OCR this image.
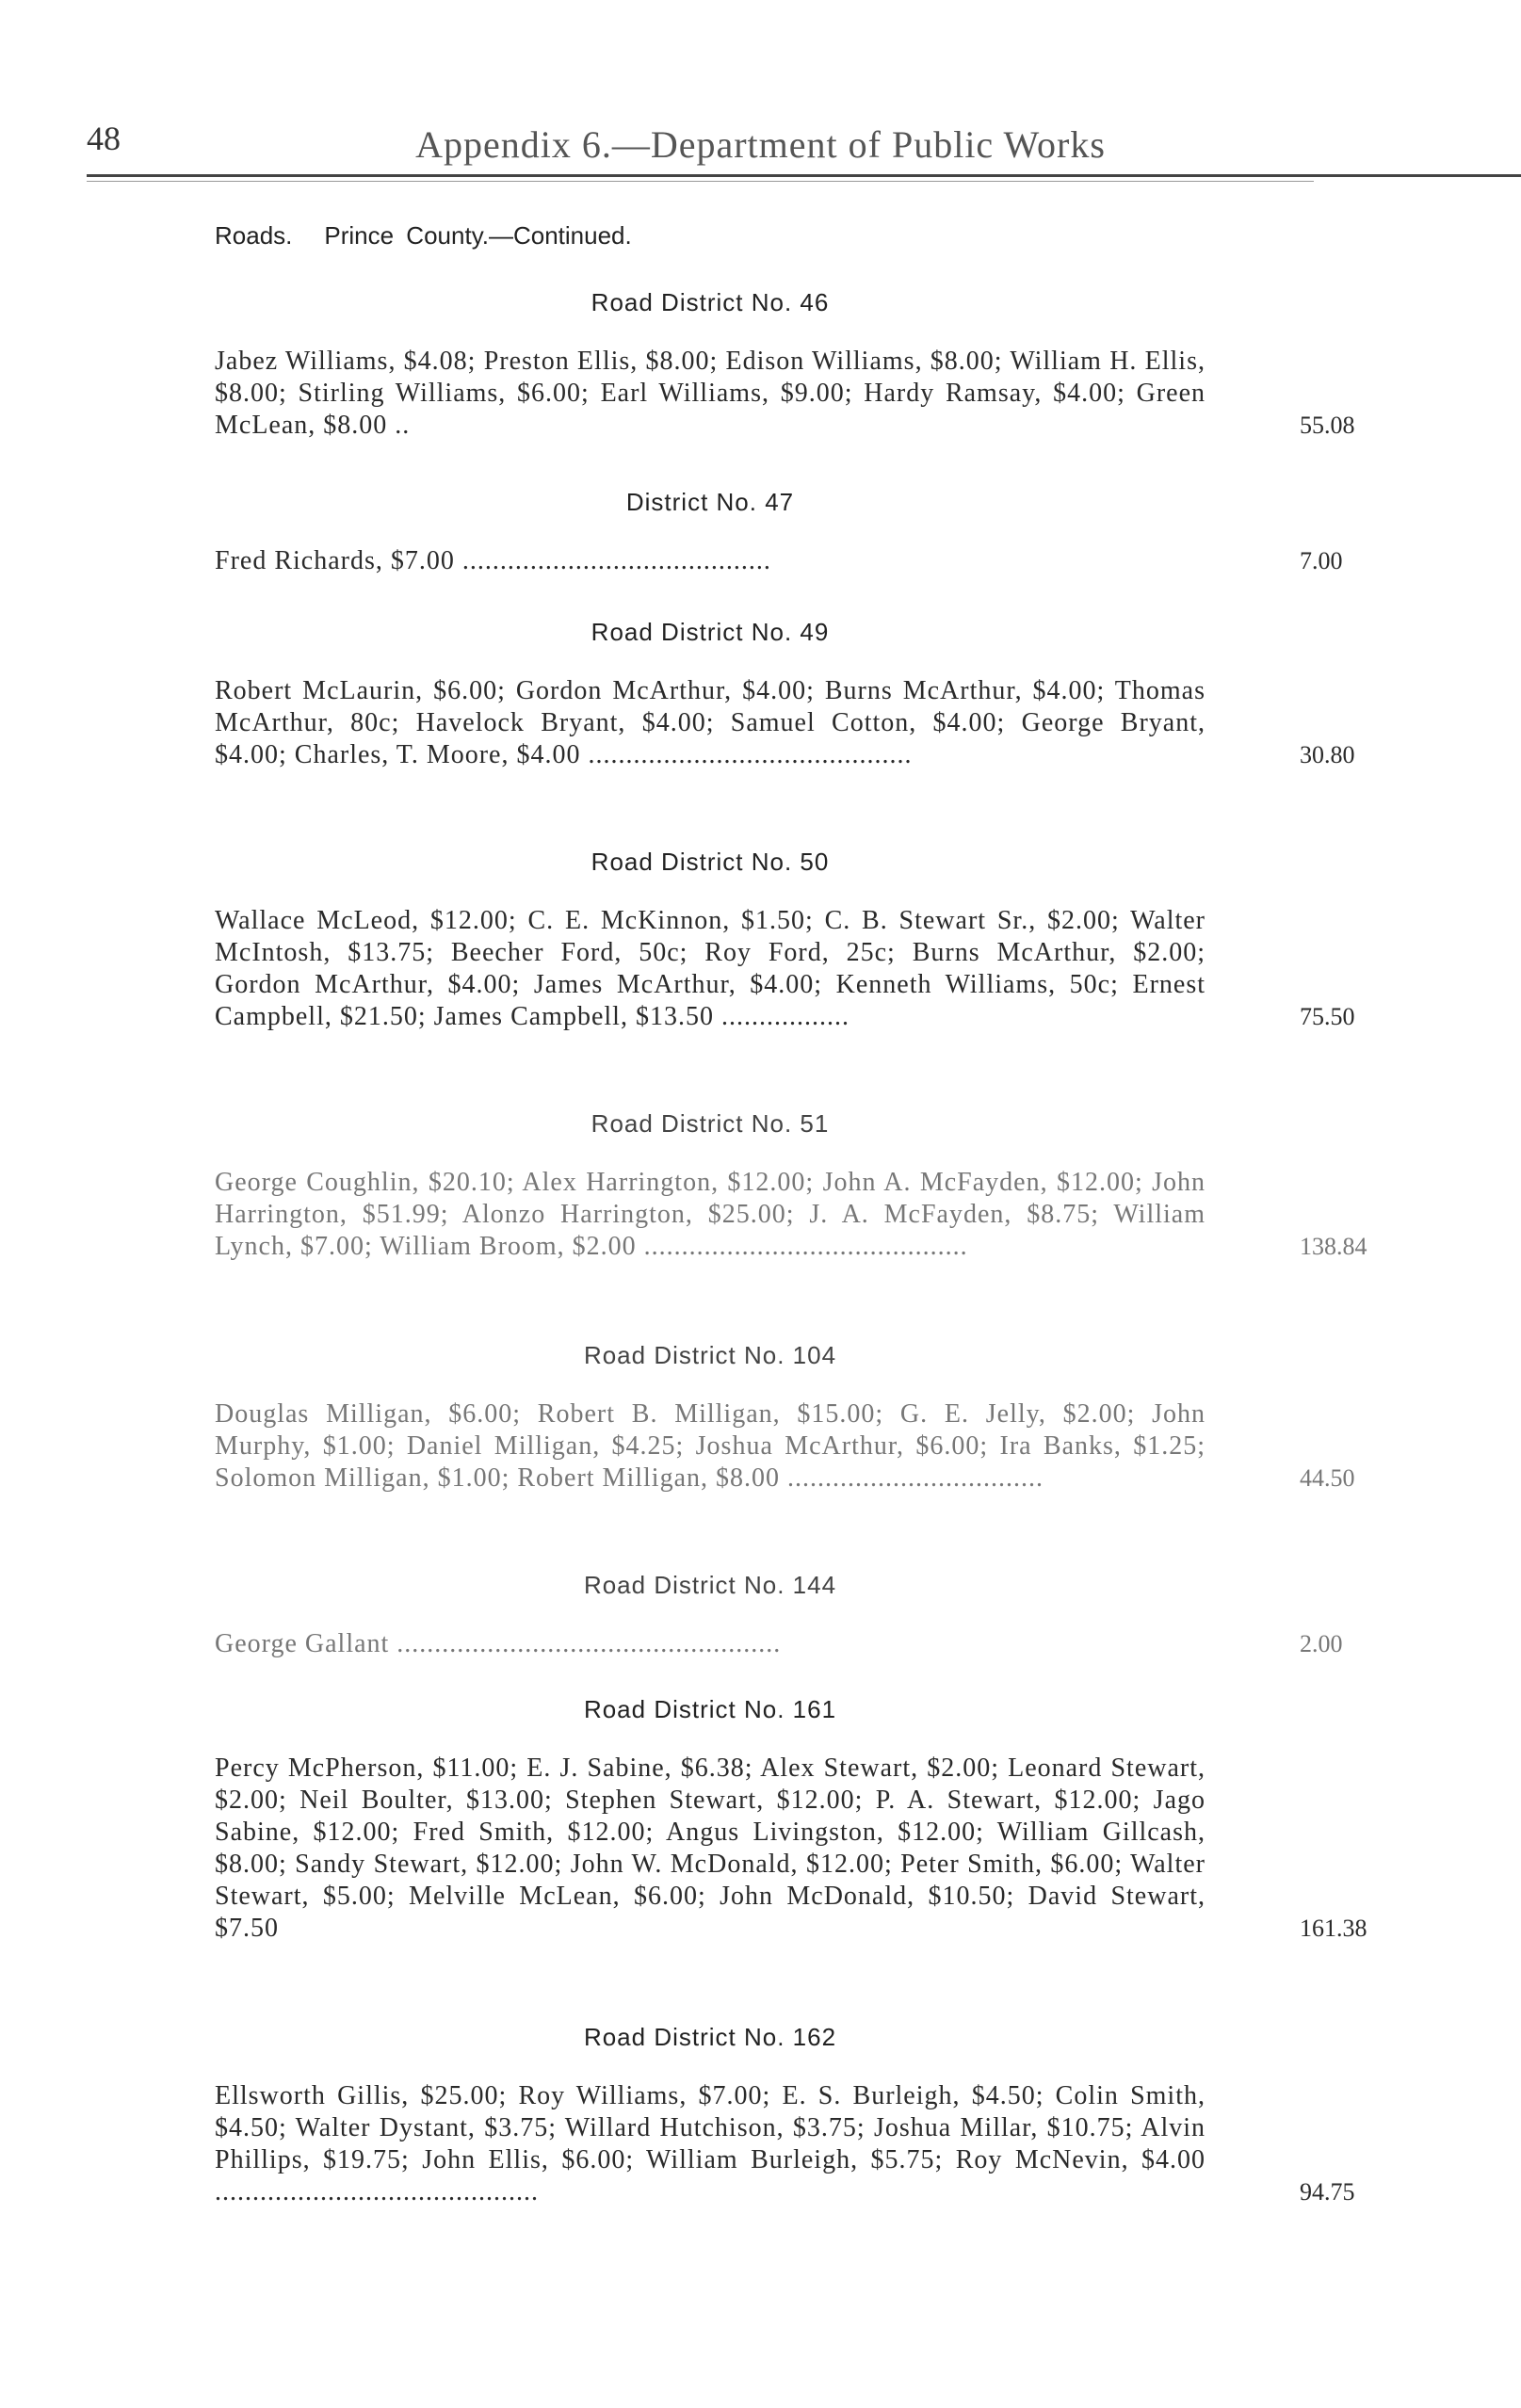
48	Appendix 6.—Department of Public Works
Roads. Prince County.—Continued.
Road District No. 46
Jabez Williams, $4.08; Preston Ellis, $8.00; Edison Williams, $8.00; William H. Ellis, $8.00; Stirling Williams, $6.00; Earl Williams, $9.00; Hardy Ramsay, $4.00; Green McLean, $8.00 ..	55.08
District No. 47
Fred Richards, $7.00 .........................................	7.00
Road District No. 49
Robert McLaurin, $6.00; Gordon McArthur, $4.00; Burns McArthur, $4.00; Thomas McArthur, 80c; Havelock Bryant, $4.00; Samuel Cotton, $4.00; George Bryant, $4.00; Charles, T. Moore, $4.00 ...........................................	30.80
Road District No. 50
Wallace McLeod, $12.00; C. E. McKinnon, $1.50; C. B. Stewart Sr., $2.00; Walter McIntosh, $13.75; Beecher Ford, 50c; Roy Ford, 25c; Burns McArthur, $2.00; Gordon McArthur, $4.00; James McArthur, $4.00; Kenneth Williams, 50c; Ernest Campbell, $21.50; James Campbell, $13.50 .................	75.50
Road District No. 51
George Coughlin, $20.10; Alex Harrington, $12.00; John A. McFayden, $12.00; John Harrington, $51.99; Alonzo Harrington, $25.00; J. A. McFayden, $8.75; William Lynch, $7.00; William Broom, $2.00 ...........................................	138.84
Road District No. 104
Douglas Milligan, $6.00; Robert B. Milligan, $15.00; G. E. Jelly, $2.00; John Murphy, $1.00; Daniel Milligan, $4.25; Joshua McArthur, $6.00; Ira Banks, $1.25; Solomon Milligan, $1.00; Robert Milligan, $8.00 ..................................	44.50
Road District No. 144
George Gallant ...................................................	2.00
Road District No. 161
Percy McPherson, $11.00; E. J. Sabine, $6.38; Alex Stewart, $2.00; Leonard Stewart, $2.00; Neil Boulter, $13.00; Stephen Stewart, $12.00; P. A. Stewart, $12.00; Jago Sabine, $12.00; Fred Smith, $12.00; Angus Livingston, $12.00; William Gillcash, $8.00; Sandy Stewart, $12.00; John W. McDonald, $12.00; Peter Smith, $6.00; Walter Stewart, $5.00; Melville McLean, $6.00; John McDonald, $10.50; David Stewart, $7.50	161.38
Road District No. 162
Ellsworth Gillis, $25.00; Roy Williams, $7.00; E. S. Burleigh, $4.50; Colin Smith, $4.50; Walter Dystant, $3.75; Willard Hutchison, $3.75; Joshua Millar, $10.75; Alvin Phillips, $19.75; John Ellis, $6.00; William Burleigh, $5.75; Roy McNevin, $4.00 ...........................................	94.75
